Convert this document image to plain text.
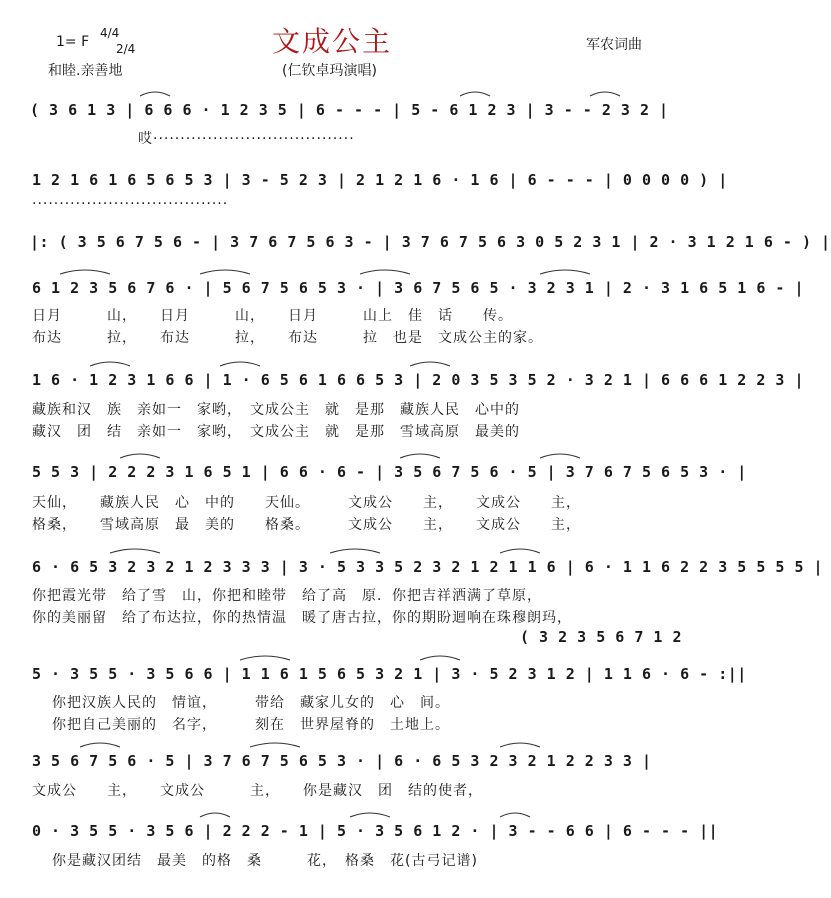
文成公主
1= F
4/4
2/4
和睦.亲善地	(仁钦卓玛演唱)
军农词曲
( 3 6 1 3 | 6 6 6 · 1 2 3 5 | 6 - - - | 5 - 6 1 2 3 | 3 - - 2 3 2 |
哎·····································
1 2 1 6 1 6 5 6 5 3 | 3 - 5 2 3 | 2 1 2 1 6 · 1 6 | 6 - - - | 0 0 0 0 ) |
····································
|: ( 3 5 6 7 5 6 - | 3 7 6 7 5 6 3 - | 3 7 6 7 5 6 3 0 5 2 3 1 | 2 · 3 1 2 1 6 - ) |
6 1 2 3 5 6 7 6 · | 5 6 7 5 6 5 3 · | 3 6 7 5 6 5 · 3 2 3 1 | 2 · 3 1 6 5 1 6 - |
日月　　　山，　　日月　　　山，　　日月　　　山上　佳　话　　传。
布达　　　拉，　　布达　　　拉，　　布达　　　拉　也是　文成公主的家。
1 6 · 1 2 3 1 6 6 | 1 · 6 5 6 1 6 6 5 3 | 2 0 3 5 3 5 2 · 3 2 1 | 6 6 6 1 2 2 3 |
藏族和汉　族　亲如一　家哟，　文成公主　就　是那　藏族人民　心中的
藏汉　团　结　亲如一　家哟，　文成公主　就　是那　雪域高原　最美的
5 5 3 | 2 2 2 3 1 6 5 1 | 6 6 · 6 - | 3 5 6 7 5 6 · 5 | 3 7 6 7 5 6 5 3 · |
天仙，　　藏族人民　心　中的　　天仙。　　　文成公　　主，　　文成公　　主，
格桑，　　雪域高原　最　美的　　格桑。　　　文成公　　主，　　文成公　　主，
6 · 6 5 3 2 3 2 1 2 3 3 3 | 3 · 5 3 3 5 2 3 2 1 2 1 1 6 | 6 · 1 1 6 2 2 3 5 5 5 5 |
你把霞光带　给了雪　山，你把和睦带　给了高　原．你把吉祥洒满了草原，
你的美丽留　给了布达拉，你的热情温　暖了唐古拉，你的期盼迴响在珠穆朗玛，
( 3 2 3 5 6 7 1 2
5 · 3 5 5 · 3 5 6 6 | 1 1 6 1 5 6 5 3 2 1 | 3 · 5 2 3 1 2 | 1 1 6 · 6 - :||
你把汉族人民的　情谊，　　　带给　藏家儿女的　心　间。
你把自己美丽的　名字，　　　刻在　世界屋脊的　土地上。
3 5 6 7 5 6 · 5 | 3 7 6 7 5 6 5 3 · | 6 · 6 5 3 2 3 2 1 2 2 3 3 |
文成公　　主，　　文成公　　　主，　　你是藏汉　团　结的使者，
0 · 3 5 5 · 3 5 6 | 2 2 2 - 1 | 5 · 3 5 6 1 2 · | 3 - - 6 6 | 6 - - - ||
你是藏汉团结　最美　的格　桑　　　花，　格桑　花(古弓记谱)
